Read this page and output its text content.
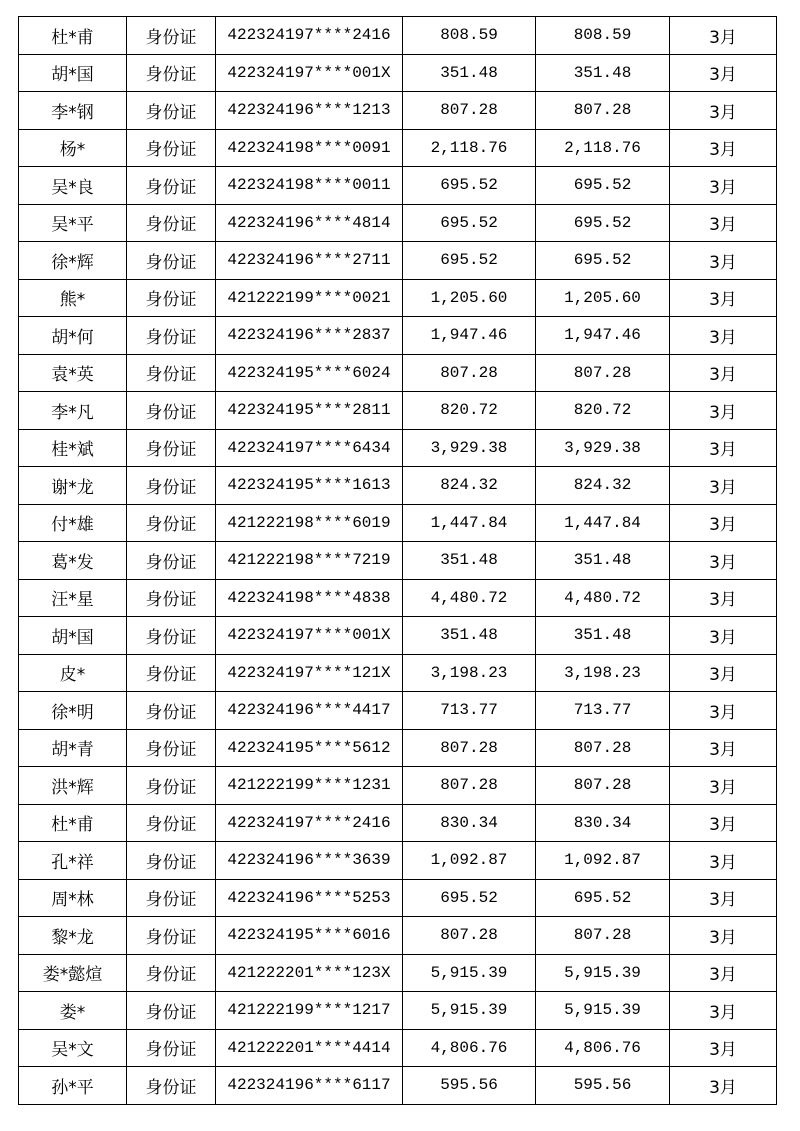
杜*甫	身份证	422324197****2416	808.59	808.59	3月
胡*国	身份证	422324197****001X	351.48	351.48	3月
李*钢	身份证	422324196****1213	807.28	807.28	3月
杨*	身份证	422324198****0091	2,118.76	2,118.76	3月
吴*良	身份证	422324198****0011	695.52	695.52	3月
吴*平	身份证	422324196****4814	695.52	695.52	3月
徐*辉	身份证	422324196****2711	695.52	695.52	3月
熊*	身份证	421222199****0021	1,205.60	1,205.60	3月
胡*何	身份证	422324196****2837	1,947.46	1,947.46	3月
袁*英	身份证	422324195****6024	807.28	807.28	3月
李*凡	身份证	422324195****2811	820.72	820.72	3月
桂*斌	身份证	422324197****6434	3,929.38	3,929.38	3月
谢*龙	身份证	422324195****1613	824.32	824.32	3月
付*雄	身份证	421222198****6019	1,447.84	1,447.84	3月
葛*发	身份证	421222198****7219	351.48	351.48	3月
汪*星	身份证	422324198****4838	4,480.72	4,480.72	3月
胡*国	身份证	422324197****001X	351.48	351.48	3月
皮*	身份证	422324197****121X	3,198.23	3,198.23	3月
徐*明	身份证	422324196****4417	713.77	713.77	3月
胡*青	身份证	422324195****5612	807.28	807.28	3月
洪*辉	身份证	421222199****1231	807.28	807.28	3月
杜*甫	身份证	422324197****2416	830.34	830.34	3月
孔*祥	身份证	422324196****3639	1,092.87	1,092.87	3月
周*林	身份证	422324196****5253	695.52	695.52	3月
黎*龙	身份证	422324195****6016	807.28	807.28	3月
娄*懿煊	身份证	421222201****123X	5,915.39	5,915.39	3月
娄*	身份证	421222199****1217	5,915.39	5,915.39	3月
吴*文	身份证	421222201****4414	4,806.76	4,806.76	3月
孙*平	身份证	422324196****6117	595.56	595.56	3月
